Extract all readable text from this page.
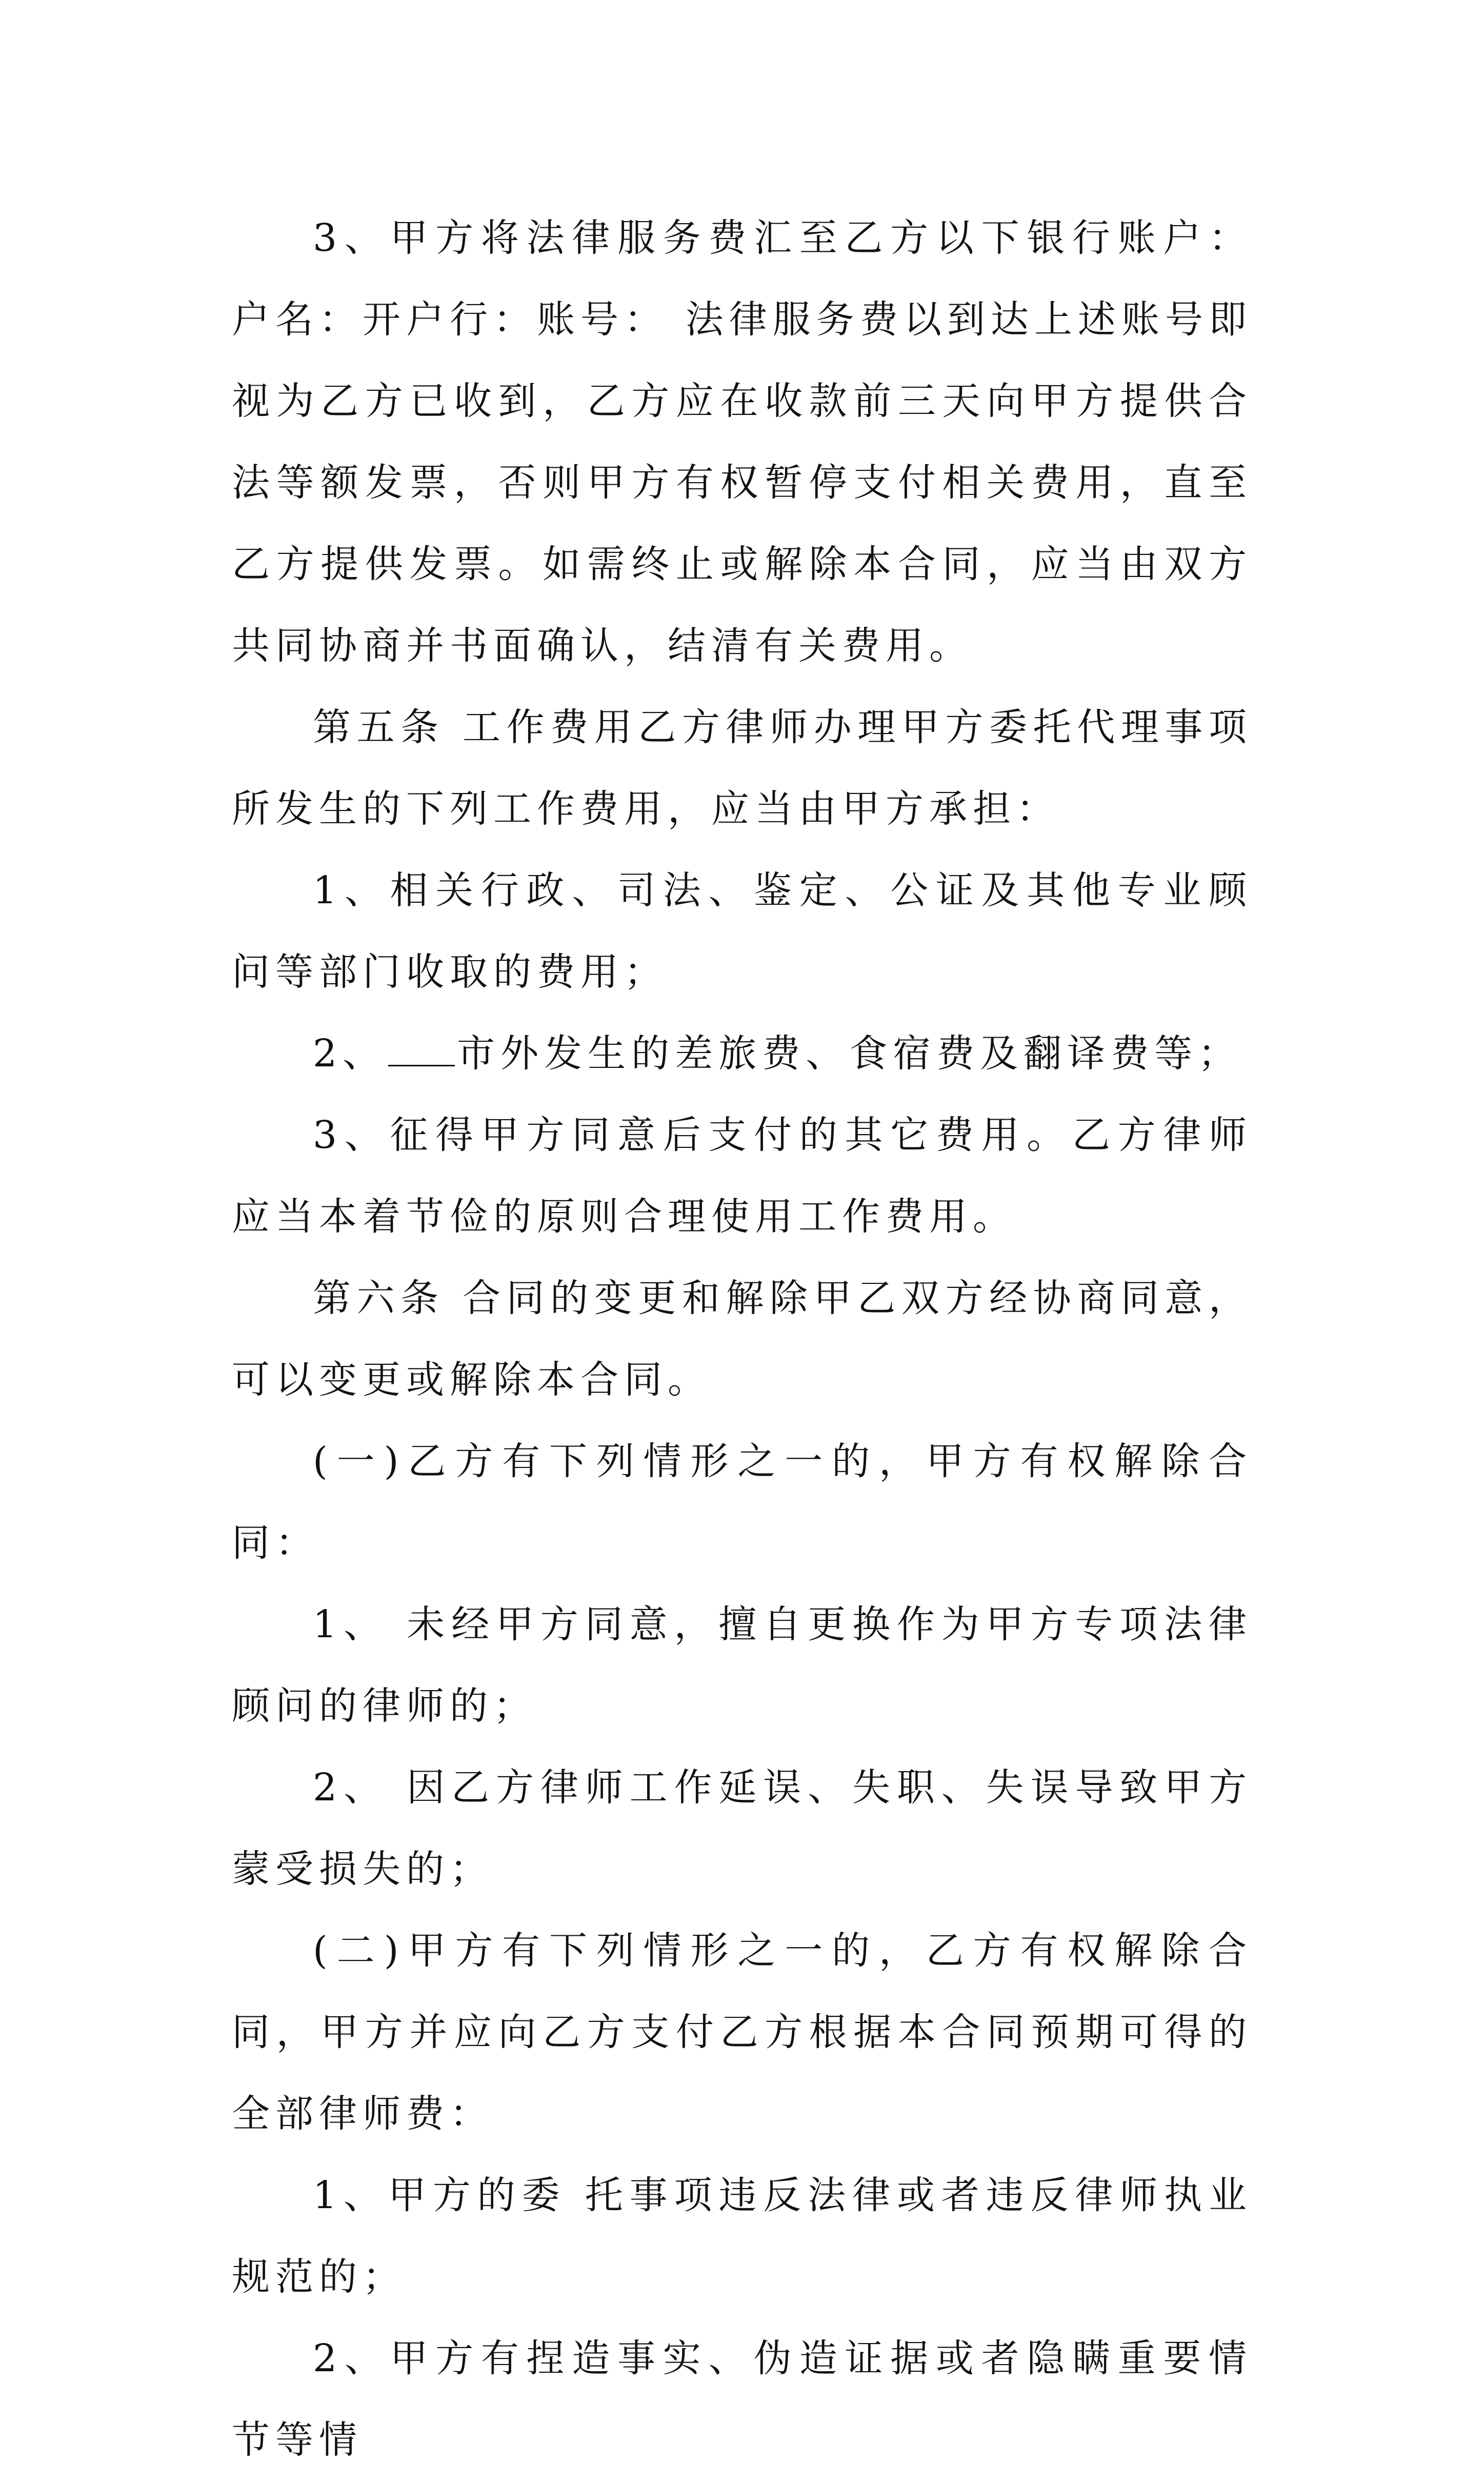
3、甲方将法律服务费汇至乙方以下银行账户：户名：开户行：账号： 法律服务费以到达上述账号即视为乙方已收到，乙方应在收款前三天向甲方提供合法等额发票，否则甲方有权暂停支付相关费用，直至乙方提供发票。如需终止或解除本合同，应当由双方共同协商并书面确认，结清有关费用。

第五条 工作费用乙方律师办理甲方委托代理事项所发生的下列工作费用，应当由甲方承担：

1、相关行政、司法、鉴定、公证及其他专业顾问等部门收取的费用；

2、 市外发生的差旅费、食宿费及翻译费等；

3、征得甲方同意后支付的其它费用。乙方律师应当本着节俭的原则合理使用工作费用。

第六条 合同的变更和解除甲乙双方经协商同意，可以变更或解除本合同。

(一)乙方有下列情形之一的，甲方有权解除合同：

1、 未经甲方同意，擅自更换作为甲方专项法律顾问的律师的；

2、 因乙方律师工作延误、失职、失误导致甲方蒙受损失的；

(二)甲方有下列情形之一的，乙方有权解除合同，甲方并应向乙方支付乙方根据本合同预期可得的全部律师费：

1、甲方的委 托事项违反法律或者违反律师执业规范的；

2、甲方有捏造事实、伪造证据或者隐瞒重要情节等情
